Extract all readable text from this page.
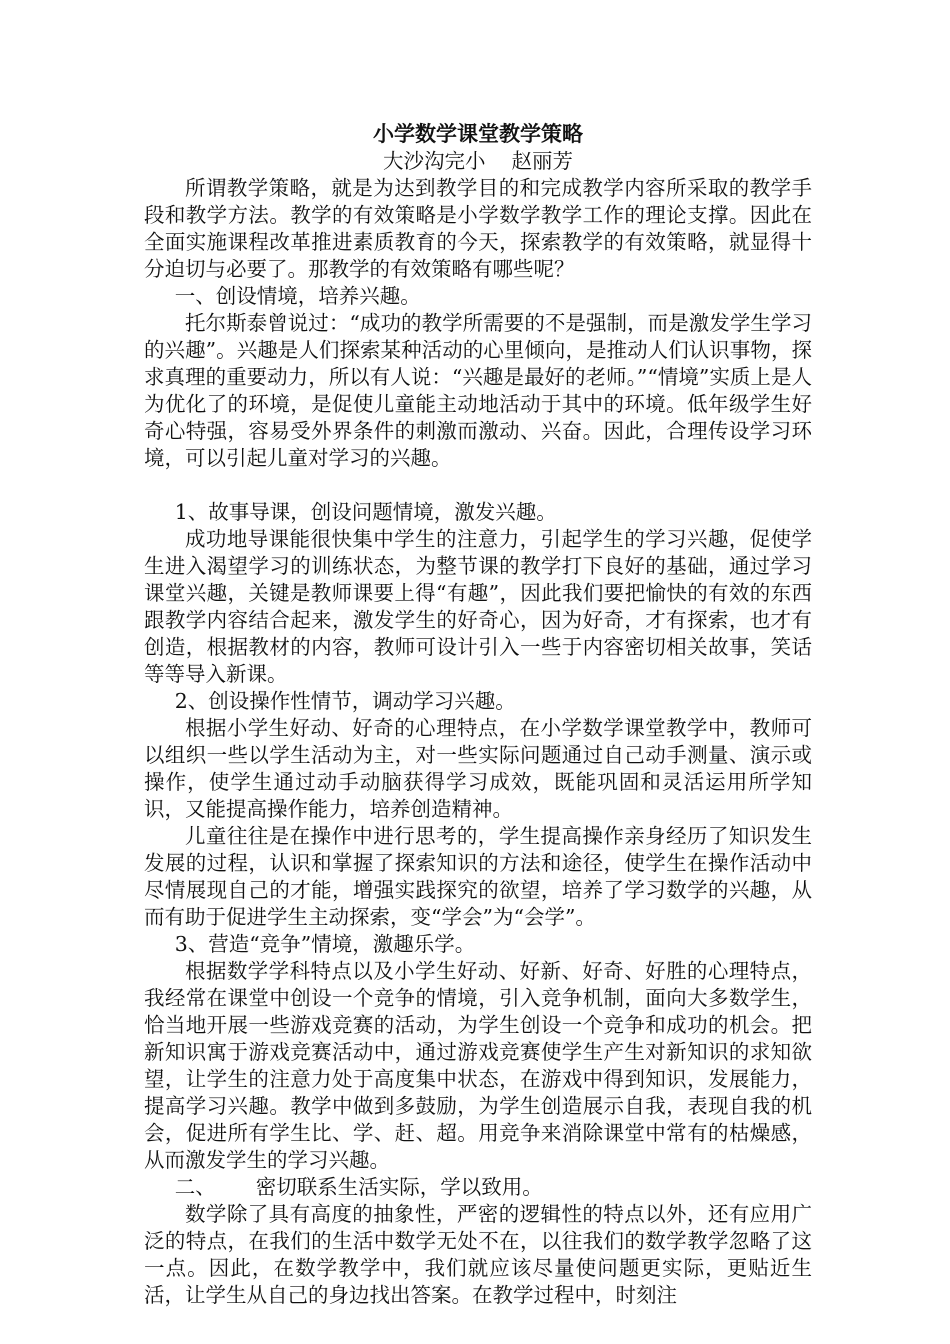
小学数学课堂教学策略

大沙沟完小 赵丽芳

所谓教学策略，就是为达到教学目的和完成教学内容所采取的教学手段和教学方法。教学的有效策略是小学数学教学工作的理论支撑。因此在全面实施课程改革推进素质教育的今天，探索教学的有效策略，就显得十分迫切与必要了。那教学的有效策略有哪些呢？

一、创设情境，培养兴趣。

托尔斯泰曾说过：“成功的教学所需要的不是强制，而是激发学生学习的兴趣”。兴趣是人们探索某种活动的心里倾向，是推动人们认识事物，探求真理的重要动力，所以有人说：“兴趣是最好的老师。”“情境”实质上是人为优化了的环境，是促使儿童能主动地活动于其中的环境。低年级学生好奇心特强，容易受外界条件的刺激而激动、兴奋。因此，合理传设学习环境，可以引起儿童对学习的兴趣。

1、故事导课，创设问题情境，激发兴趣。

成功地导课能很快集中学生的注意力，引起学生的学习兴趣，促使学生进入渴望学习的训练状态，为整节课的教学打下良好的基础，通过学习课堂兴趣，关键是教师课要上得“有趣”，因此我们要把愉快的有效的东西跟教学内容结合起来，激发学生的好奇心，因为好奇，才有探索，也才有创造，根据教材的内容，教师可设计引入一些于内容密切相关故事，笑话等等导入新课。

2、创设操作性情节，调动学习兴趣。

根据小学生好动、好奇的心理特点，在小学数学课堂教学中，教师可以组织一些以学生活动为主，对一些实际问题通过自己动手测量、演示或操作，使学生通过动手动脑获得学习成效，既能巩固和灵活运用所学知识，又能提高操作能力，培养创造精神。

儿童往往是在操作中进行思考的，学生提高操作亲身经历了知识发生发展的过程，认识和掌握了探索知识的方法和途径，使学生在操作活动中尽情展现自己的才能，增强实践探究的欲望，培养了学习数学的兴趣，从而有助于促进学生主动探索，变“学会”为“会学”。

3、营造“竞争”情境，激趣乐学。

根据数学学科特点以及小学生好动、好新、好奇、好胜的心理特点，我经常在课堂中创设一个竞争的情境，引入竞争机制，面向大多数学生，恰当地开展一些游戏竞赛的活动，为学生创设一个竞争和成功的机会。把新知识寓于游戏竞赛活动中，通过游戏竞赛使学生产生对新知识的求知欲望，让学生的注意力处于高度集中状态，在游戏中得到知识，发展能力，提高学习兴趣。教学中做到多鼓励，为学生创造展示自我，表现自我的机会，促进所有学生比、学、赶、超。用竞争来消除课堂中常有的枯燥感，从而激发学生的学习兴趣。

二、 密切联系生活实际，学以致用。

数学除了具有高度的抽象性，严密的逻辑性的特点以外，还有应用广泛的特点，在我们的生活中数学无处不在，以往我们的数学教学忽略了这一点。因此，在数学教学中，我们就应该尽量使问题更实际，更贴近生活，让学生从自己的身边找出答案。在教学过程中，时刻注
